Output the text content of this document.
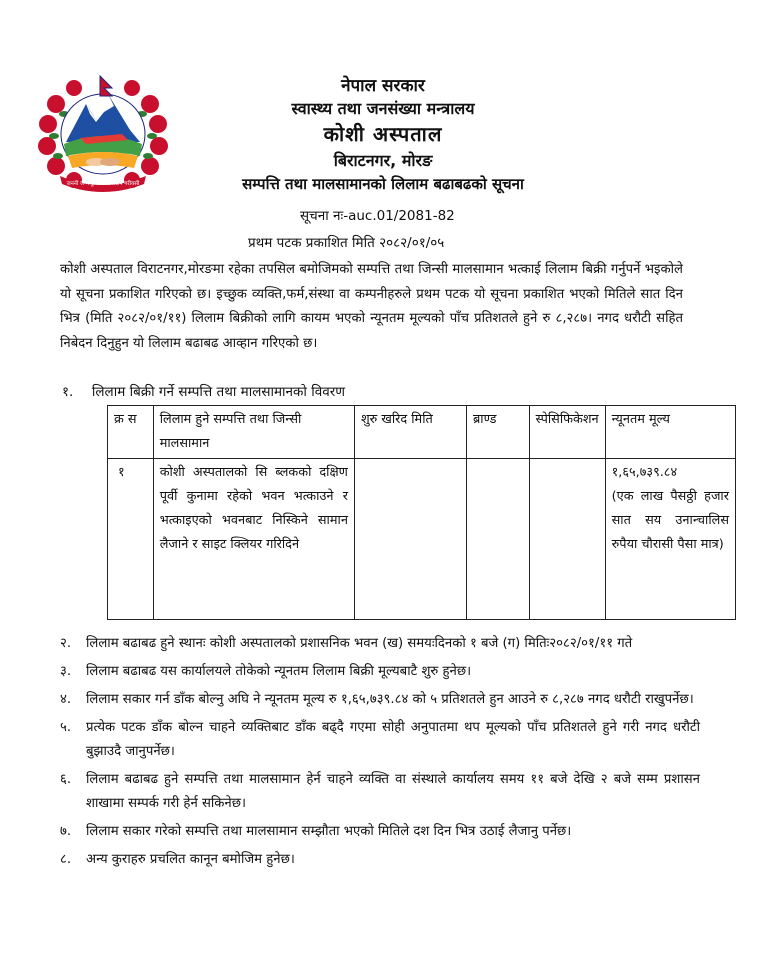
जननी जन्मभूमिश्च स्वर्गादपि गरीयसी
नेपाल सरकार
स्वास्थ्य तथा जनसंख्या मन्त्रालय
कोशी अस्पताल
बिराटनगर, मोरङ
सम्पत्ति तथा मालसामानको लिलाम बढाबढको सूचना
सूचना नः-auc.01/2081-82
प्रथम पटक प्रकाशित मिति २०८२/०१/०५
कोशी अस्पताल विराटनगर,मोरङमा रहेका तपसिल बमोजिमको सम्पत्ति तथा जिन्सी मालसामान भत्काई लिलाम बिक्री गर्नुपर्ने भइकोले यो सूचना प्रकाशित गरिएको छ। इच्छुक व्यक्ति,फर्म,संस्था वा कम्पनीहरुले प्रथम पटक यो सूचना प्रकाशित भएको मितिले सात दिन भित्र (मिति २०८२/०१/११) लिलाम बिक्रीको लागि कायम भएको न्यूनतम मूल्यको पाँच प्रतिशतले हुने रु ८,२८७। नगद धरौटी सहित निबेदन दिनुहुन यो लिलाम बढाबढ आव्हान गरिएको छ।
१. लिलाम बिक्री गर्ने सम्पत्ति तथा मालसामानको विवरण
क्र स	लिलाम हुने सम्पत्ति तथा जिन्सी मालसामान	शुरु खरिद मिति	ब्राण्ड	स्पेसिफिकेशन	न्यूनतम मूल्य
१	कोशी अस्पतालको सि ब्लकको दक्षिण पूर्वी कुनामा रहेको भवन भत्काउने र भत्काइएको भवनबाट निस्किने सामान लैजाने र साइट क्लियर गरिदिने				१,६५,७३९.८४
(एक लाख पैसठ्ठी हजार सात सय उनान्चालिस रुपैया चौरासी पैसा मात्र)
२.	लिलाम बढाबढ हुने स्थानः कोशी अस्पतालको प्रशासनिक भवन (ख) समयःदिनको १ बजे (ग) मितिः२०८२/०१/११ गते
३.	लिलाम बढाबढ यस कार्यालयले तोकेको न्यूनतम लिलाम बिक्री मूल्यबाटै शुरु हुनेछ।
४.	लिलाम सकार गर्न डाँक बोल्नु अघि ने न्यूनतम मूल्य रु १,६५,७३९.८४ को ५ प्रतिशतले हुन आउने रु ८,२८७ नगद धरौटी राखुपर्नेछ।
५.	प्रत्येक पटक डाँक बोल्न चाहने व्यक्तिबाट डाँक बढ्दै गएमा सोही अनुपातमा थप मूल्यको पाँच प्रतिशतले हुने गरी नगद धरौटी बुझाउदै जानुपर्नेछ।
६.	लिलाम बढाबढ हुने सम्पत्ति तथा मालसामान हेर्न चाहने व्यक्ति वा संस्थाले कार्यालय समय ११ बजे देखि २ बजे सम्म प्रशासन शाखामा सम्पर्क गरी हेर्न सकिनेछ।
७.	लिलाम सकार गरेको सम्पत्ति तथा मालसामान सम्झौता भएको मितिले दश दिन भित्र उठाई लैजानु पर्नेछ।
८.	अन्य कुराहरु प्रचलित कानून बमोजिम हुनेछ।
